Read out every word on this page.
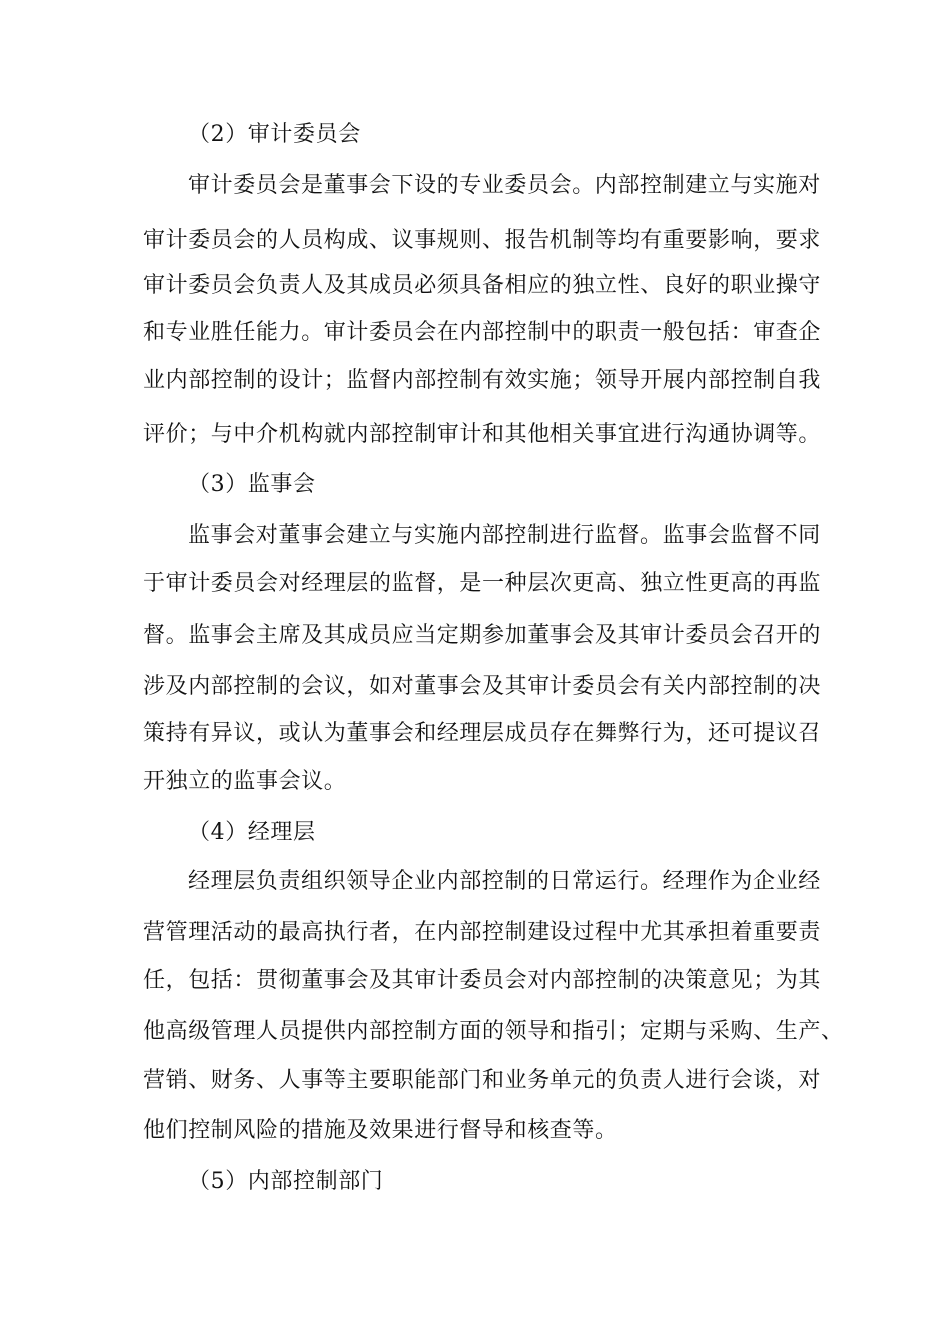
（2）审计委员会
审计委员会是董事会下设的专业委员会。内部控制建立与实施对
审计委员会的人员构成、议事规则、报告机制等均有重要影响，要求
审计委员会负责人及其成员必须具备相应的独立性、良好的职业操守
和专业胜任能力。审计委员会在内部控制中的职责一般包括：审查企
业内部控制的设计；监督内部控制有效实施；领导开展内部控制自我
评价；与中介机构就内部控制审计和其他相关事宜进行沟通协调等。
（3）监事会
监事会对董事会建立与实施内部控制进行监督。监事会监督不同
于审计委员会对经理层的监督，是一种层次更高、独立性更高的再监
督。监事会主席及其成员应当定期参加董事会及其审计委员会召开的
涉及内部控制的会议，如对董事会及其审计委员会有关内部控制的决
策持有异议，或认为董事会和经理层成员存在舞弊行为，还可提议召
开独立的监事会议。
（4）经理层
经理层负责组织领导企业内部控制的日常运行。经理作为企业经
营管理活动的最高执行者，在内部控制建设过程中尤其承担着重要责
任，包括：贯彻董事会及其审计委员会对内部控制的决策意见；为其
他高级管理人员提供内部控制方面的领导和指引；定期与采购、生产、
营销、财务、人事等主要职能部门和业务单元的负责人进行会谈，对
他们控制风险的措施及效果进行督导和核查等。
（5）内部控制部门
